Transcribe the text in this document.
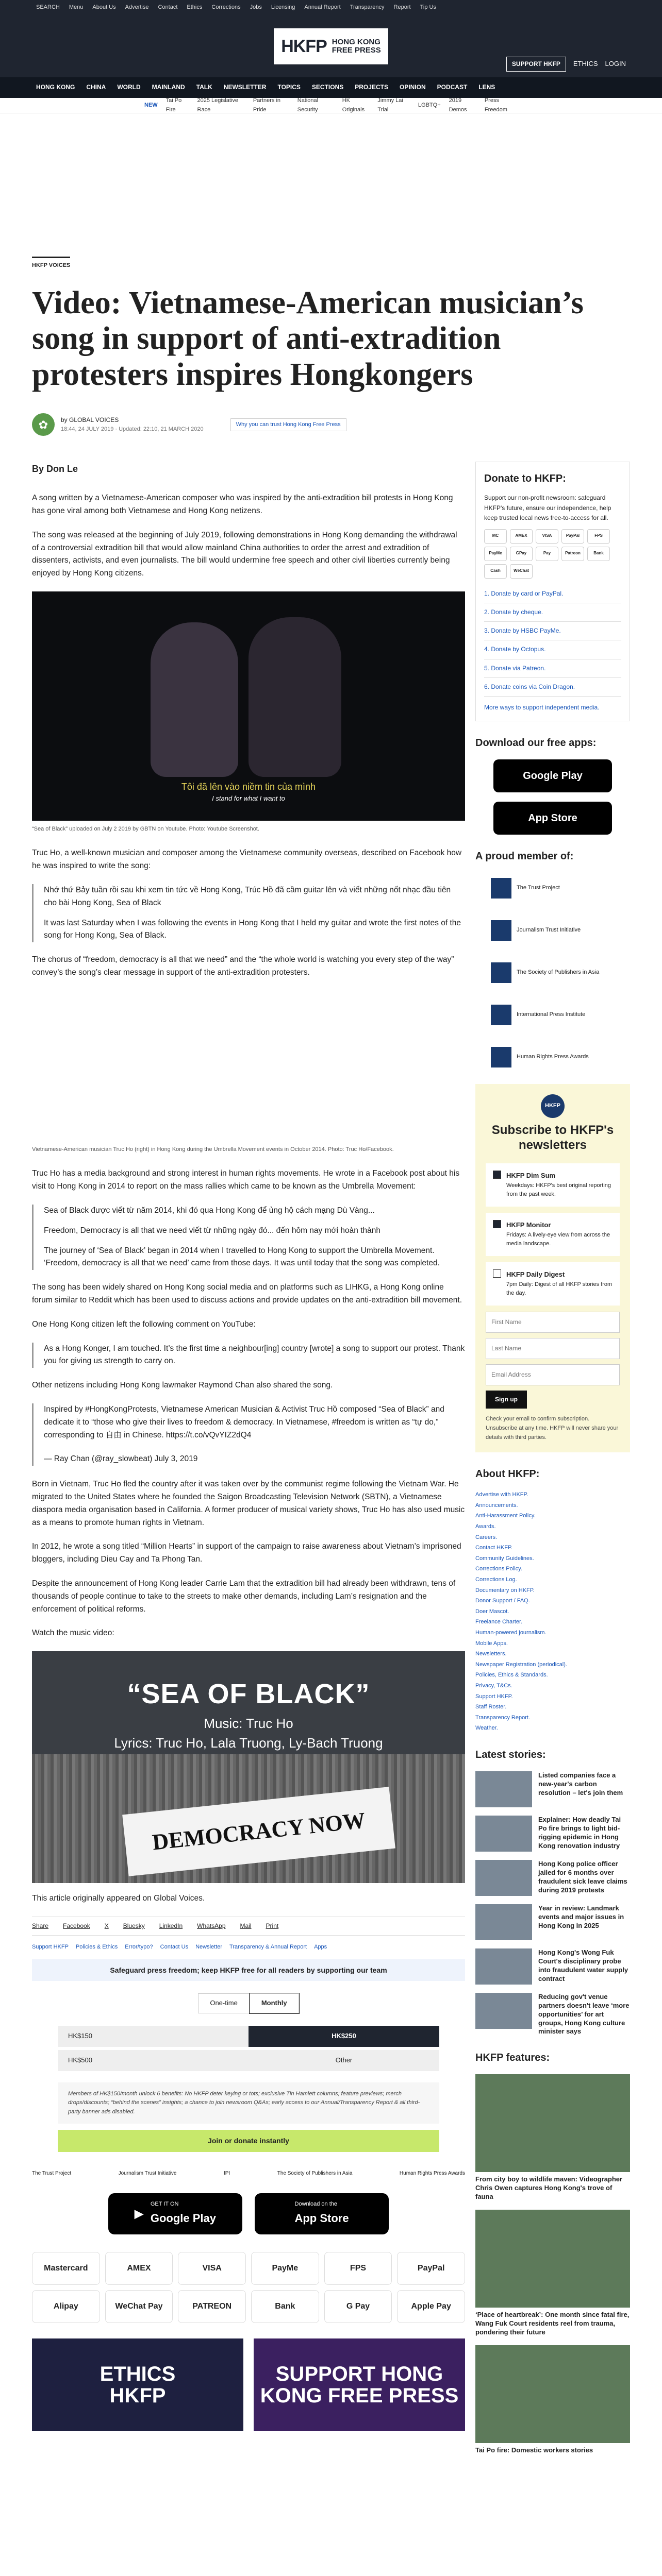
SEARCH Menu About Us Advertise Contact Ethics Corrections Jobs Licensing Annual Report Transparency Report Tip Us
HKFP HONG KONG
FREE PRESS
SUPPORT HKFP	ETHICS LOGIN
HONG KONG CHINA WORLD MAINLAND TALK NEWSLETTER TOPICS SECTIONS PROJECTS OPINION PODCAST LENS
NEW
Tai Po Fire
2025 Legislative Race
Partners in Pride
National Security
HK Originals
Jimmy Lai Trial
LGBTQ+
2019 Demos
Press Freedom
HKFP VOICES
Video: Vietnamese-American musician’s song in support of anti-extradition protesters inspires Hongkongers
✿	by GLOBAL VOICES
18:44, 24 JULY 2019 · Updated: 22:10, 21 MARCH 2020
Why you can trust Hong Kong Free Press
By Don Le

A song written by a Vietnamese-American composer who was inspired by the anti-extradition bill protests in Hong Kong has gone viral among both Vietnamese and Hong Kong netizens.

The song was released at the beginning of July 2019, following demonstrations in Hong Kong demanding the withdrawal of a controversial extradition bill that would allow mainland China authorities to order the arrest and extradition of dissenters, activists, and even journalists. The bill would undermine free speech and other civil liberties currently being enjoyed by Hong Kong citizens.

Tôi đã lên vào niềm tin của mình
I stand for what I want to
“Sea of Black” uploaded on July 2 2019 by GBTN on Youtube. Photo: Youtube Screenshot.

Truc Ho, a well-known musician and composer among the Vietnamese community overseas, described on Facebook how he was inspired to write the song:

Nhớ thứ Bảy tuần rồi sau khi xem tin tức về Hong Kong, Trúc Hồ đã cầm guitar lên và viết những nốt nhạc đầu tiên cho bài Hong Kong, Sea of Black

It was last Saturday when I was following the events in Hong Kong that I held my guitar and wrote the first notes of the song for Hong Kong, Sea of Black.

The chorus of “freedom, democracy is all that we need” and the “the whole world is watching you every step of the way” convey’s the song’s clear message in support of the anti-extradition protesters.

Vietnamese-American musician Truc Ho (right) in Hong Kong during the Umbrella Movement events in October 2014. Photo: Truc Ho/Facebook.

Truc Ho has a media background and strong interest in human rights movements. He wrote in a Facebook post about his visit to Hong Kong in 2014 to report on the mass rallies which came to be known as the Umbrella Movement:

Sea of Black được viết từ năm 2014, khi đó qua Hong Kong để ủng hộ cách mạng Dù Vàng...

Freedom, Democracy is all that we need viết từ những ngày đó... đến hôm nay mới hoàn thành

The journey of ‘Sea of Black’ began in 2014 when I travelled to Hong Kong to support the Umbrella Movement. ‘Freedom, democracy is all that we need’ came from those days. It was until today that the song was completed.

The song has been widely shared on Hong Kong social media and on platforms such as LIHKG, a Hong Kong online forum similar to Reddit which has been used to discuss actions and provide updates on the anti-extradition bill movement.

One Hong Kong citizen left the following comment on YouTube:

As a Hong Konger, I am touched. It’s the first time a neighbour[ing] country [wrote] a song to support our protest. Thank you for giving us strength to carry on.

Other netizens including Hong Kong lawmaker Raymond Chan also shared the song.

Inspired by #HongKongProtests, Vietnamese American Musician & Activist Truc Hồ composed “Sea of Black” and dedicate it to “those who give their lives to freedom & democracy. In Vietnamese, #freedom is written as “tự do,” corresponding to 自由 in Chinese. https://t.co/vQvYIZ2dQ4

— Ray Chan (@ray_slowbeat) July 3, 2019

Born in Vietnam, Truc Ho fled the country after it was taken over by the communist regime following the Vietnam War. He migrated to the United States where he founded the Saigon Broadcasting Television Network (SBTN), a Vietnamese diaspora media organisation based in California. A former producer of musical variety shows, Truc Ho has also used music as a means to promote human rights in Vietnam.

In 2012, he wrote a song titled “Million Hearts” in support of the campaign to raise awareness about Vietnam’s imprisoned bloggers, including Dieu Cay and Ta Phong Tan.

Despite the announcement of Hong Kong leader Carrie Lam that the extradition bill had already been withdrawn, tens of thousands of people continue to take to the streets to make other demands, including Lam’s resignation and the enforcement of political reforms.

Watch the music video:

“SEA OF BLACK”
Music: Truc Ho
Lyrics: Truc Ho, Lala Truong, Ly-Bach Truong
DEMOCRACY NOW

This article originally appeared on Global Voices.

Share Facebook X Bluesky LinkedIn WhatsApp Mail Print
Support HKFP Policies & Ethics Error/typo? Contact Us Newsletter Transparency & Annual Report Apps
Safeguard press freedom; keep HKFP free for all readers by supporting our team
One-time	Monthly
HK$150	HK$250
HK$500	Other
Members of HK$150/month unlock 6 benefits: No HKFP deter keying or tots; exclusive Tin Hamlett columns; feature previews; merch drops/discounts; “behind the scenes” insights; a chance to join newsroom Q&As; early access to our Annual/Transparency Report & all third-party banner ads disabled.
Join or donate instantly
The Trust Project	Journalism Trust Initiative	IPI	The Society of Publishers in Asia	Human Rights Press Awards
▶
GET IT ON
Google Play
Download on the
App Store
Mastercard	AMEX	VISA	PayMe	FPS	PayPal
Alipay	WeChat Pay	PATREON	Bank	G Pay	Apple Pay
ETHICS
HKFP
SUPPORT HONG
KONG FREE PRESS
Donate to HKFP:
Support our non-profit newsroom: safeguard HKFP's future, ensure our independence, help keep trusted local news free-to-access for all.
MC	AMEX	VISA	PayPal	FPS
PayMe	GPay	Pay	Patreon	Bank
Cash	WeChat
1. Donate by card or PayPal.
2. Donate by cheque.
3. Donate by HSBC PayMe.
4. Donate by Octopus.
5. Donate via Patreon.
6. Donate coins via Coin Dragon.
More ways to support independent media.
Download our free apps:
Google Play
App Store
A proud member of:
The Trust Project
Journalism Trust Initiative
The Society of Publishers in Asia
International Press Institute
Human Rights Press Awards
HKFP
Subscribe to HKFP's newsletters
HKFP Dim Sum
Weekdays: HKFP's best original reporting from the past week.
HKFP Monitor
Fridays: A lively-eye view from across the media landscape.
HKFP Daily Digest
7pm Daily: Digest of all HKFP stories from the day.
First Name
Last Name
Email Address
Sign up
Check your email to confirm subscription. Unsubscribe at any time. HKFP will never share your details with third parties.
About HKFP:
Advertise with HKFP.
Announcements.
Anti-Harassment Policy.
Awards.
Careers.
Contact HKFP.
Community Guidelines.
Corrections Policy.
Corrections Log.
Documentary on HKFP.
Donor Support / FAQ.
Doer Mascot.
Freelance Charter.
Human-powered journalism.
Mobile Apps.
Newsletters.
Newspaper Registration (periodical).
Policies, Ethics & Standards.
Privacy, T&Cs.
Support HKFP.
Staff Roster.
Transparency Report.
Weather.
Latest stories:
Listed companies face a new-year's carbon resolution – let's join them
Explainer: How deadly Tai Po fire brings to light bid-rigging epidemic in Hong Kong renovation industry
Hong Kong police officer jailed for 6 months over fraudulent sick leave claims during 2019 protests
Year in review: Landmark events and major issues in Hong Kong in 2025
Hong Kong's Wong Fuk Court's disciplinary probe into fraudulent water supply contract
Reducing gov't venue partners doesn't leave ‘more opportunities’ for art groups, Hong Kong culture minister says
HKFP features:
From city boy to wildlife maven: Videographer Chris Owen captures Hong Kong's trove of fauna
‘Place of heartbreak’: One month since fatal fire, Wang Fuk Court residents reel from trauma, pondering their future
Tai Po fire: Domestic workers stories
